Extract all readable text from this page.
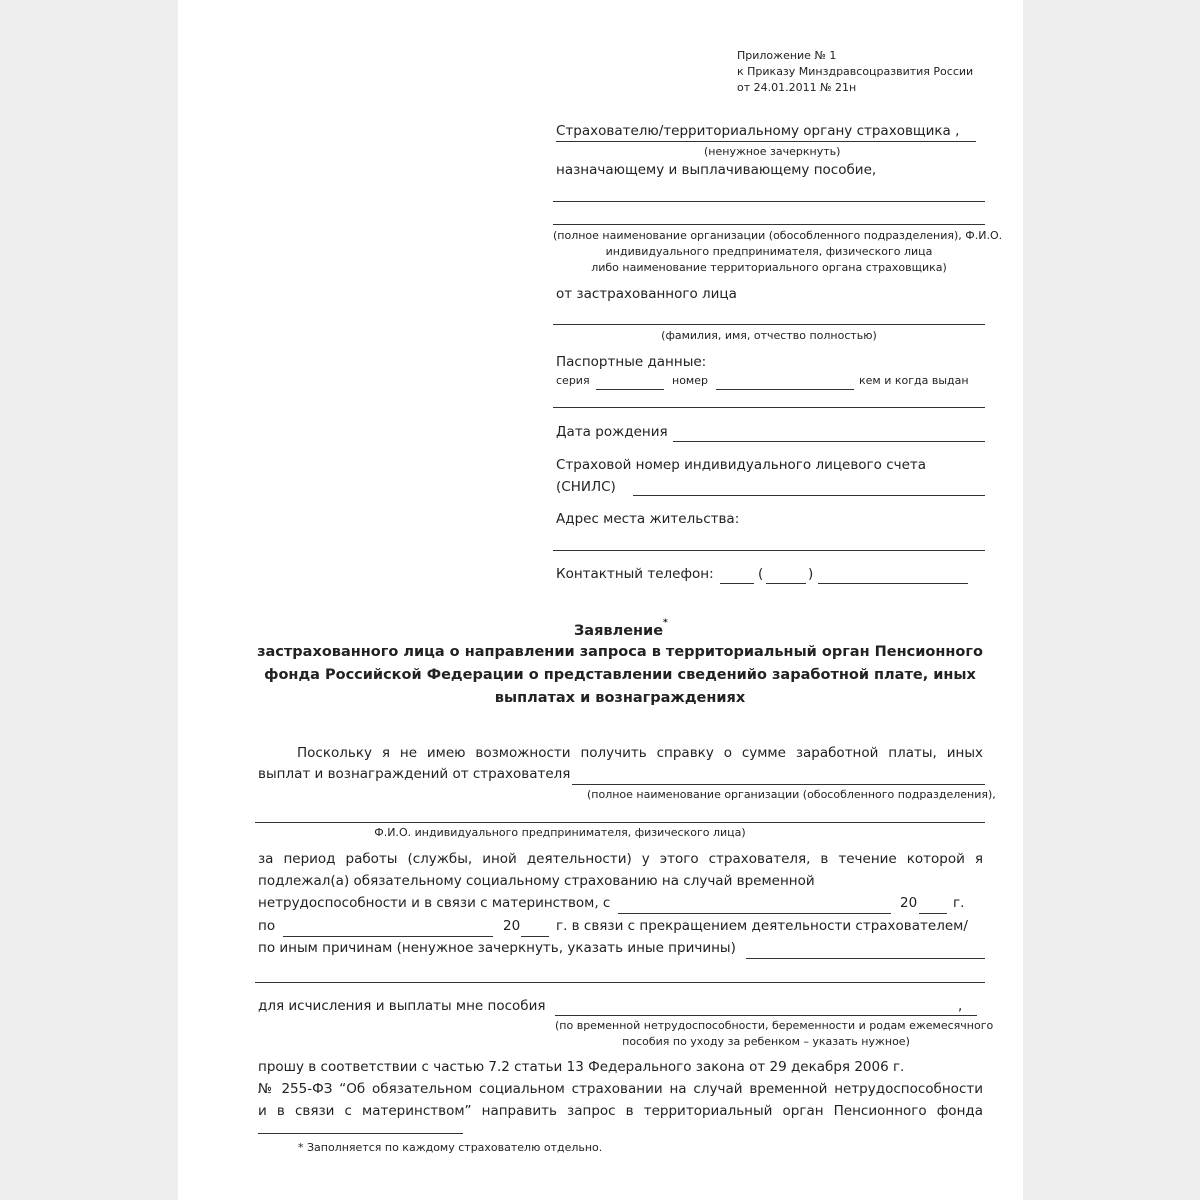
Приложение № 1
к Приказу Минздравсоцразвития России
от 24.01.2011 № 21н
Страхователю/территориальному органу страховщика ,
(ненужное зачеркнуть)
назначающему и выплачивающему пособие,
(полное наименование организации (обособленного подразделения), Ф.И.О.
индивидуального предпринимателя, физического лица
либо наименование территориального органа страховщика)
от застрахованного лица
(фамилия, имя, отчество полностью)
Паспортные данные:
серия	номер	кем и когда выдан
Дата рождения
Страховой номер индивидуального лицевого счета
(СНИЛС)
Адрес места жительства:
Контактный телефон:	(	)
Заявление*
застрахованного лица о направлении запроса в территориальный орган Пенсионного
фонда Российской Федерации о представлении сведенийо заработной плате, иных
выплатах и вознаграждениях
Поскольку я не имею возможности получить справку о сумме заработной платы, иных
выплат и вознаграждений от страхователя
(полное наименование организации (обособленного подразделения),
Ф.И.О. индивидуального предпринимателя, физического лица)
за период работы (службы, иной деятельности) у этого страхователя, в течение которой я
подлежал(а) обязательному социальному страхованию на случай временной
нетрудоспособности и в связи с материнством, с	20	г.
по	20	г. в связи с прекращением деятельности страхователем/
по иным причинам (ненужное зачеркнуть, указать иные причины)
для исчисления и выплаты мне пособия	,
(по временной нетрудоспособности, беременности и родам ежемесячного
пособия по уходу за ребенком – указать нужное)
прошу в соответствии с частью 7.2 статьи 13 Федерального закона от 29 декабря 2006 г.
№ 255-ФЗ “Об обязательном социальном страховании на случай временной нетрудоспособности
и в связи с материнством” направить запрос в территориальный орган Пенсионного фонда
* Заполняется по каждому страхователю отдельно.
